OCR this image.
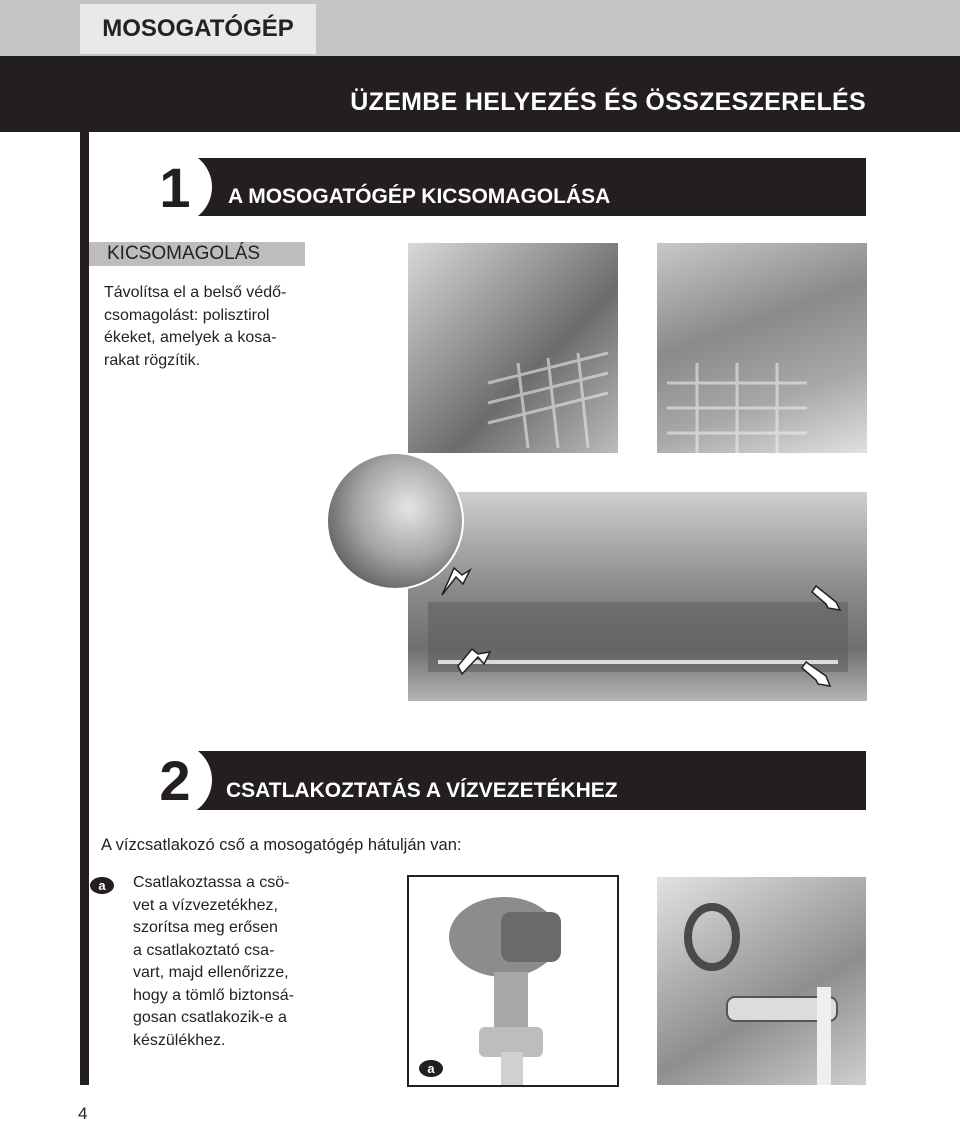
MOSOGATÓGÉP
ÜZEMBE HELYEZÉS ÉS ÖSSZESZERELÉS
1	A MOSOGATÓGÉP KICSOMAGOLÁSA
KICSOMAGOLÁS
Távolítsa el a belső védő-
csomagolást: polisztirol
ékeket, amelyek a kosa-
rakat rögzítik.
2	CSATLAKOZTATÁS A VÍZVEZETÉKHEZ
A vízcsatlakozó cső a mosogatógép hátulján van:
a	Csatlakoztassa a csö-
vet a vízvezetékhez,
szorítsa meg erősen
a csatlakoztató csa-
vart, majd ellenőrizze,
hogy a tömlő biztonsá-
gosan csatlakozik-e a
készülékhez.
a
4
